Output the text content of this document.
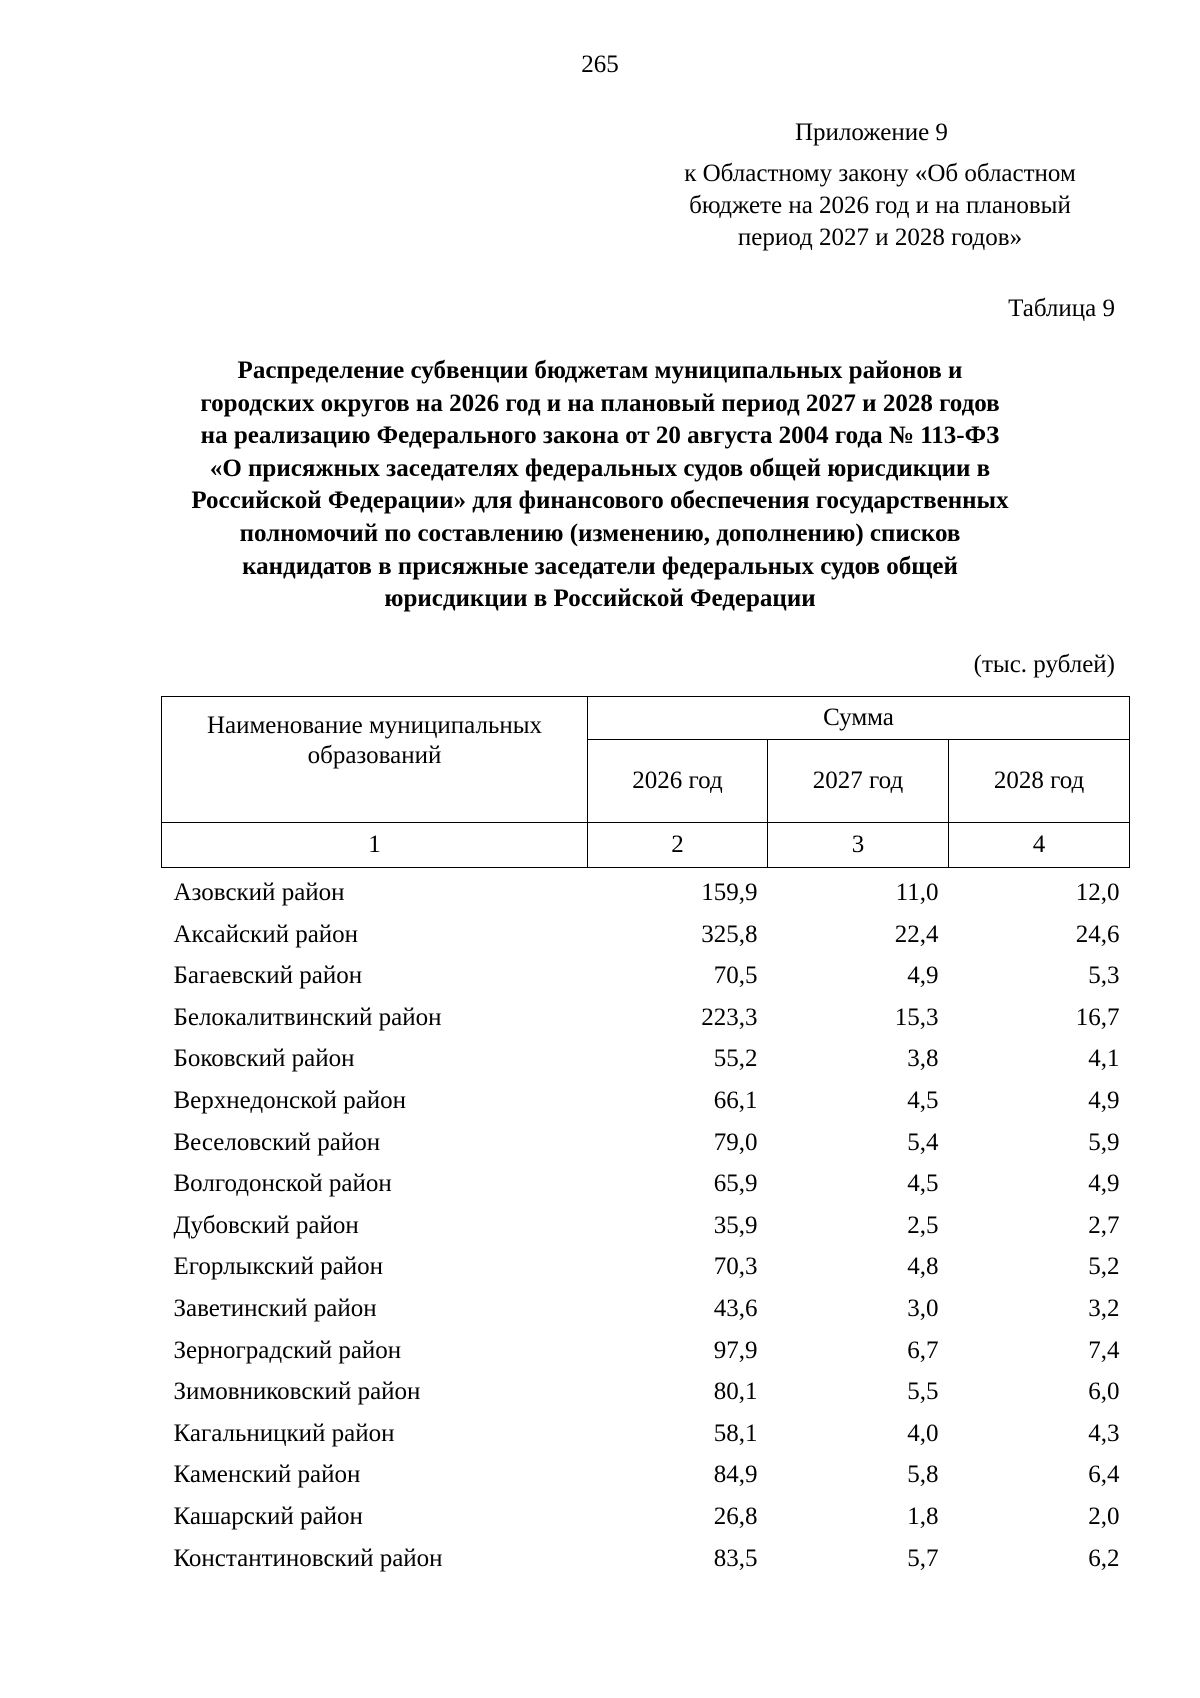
265
Приложение 9
к Областному закону «Об областном
бюджете на 2026 год и на плановый
период 2027 и 2028 годов»
Таблица 9
Распределение субвенции бюджетам муниципальных районов и
городских округов на 2026 год и на плановый период 2027 и 2028 годов
на реализацию Федерального закона от 20 августа 2004 года № 113-ФЗ
«О присяжных заседателях федеральных судов общей юрисдикции в
Российской Федерации» для финансового обеспечения государственных
полномочий по составлению (изменению, дополнению) списков
кандидатов в присяжные заседатели федеральных судов общей
юрисдикции в Российской Федерации
(тыс. рублей)
Наименование муниципальных
образований	Сумма		
	2026 год	2027 год	2028 год
1	2	3	4
Азовский район	159,9	11,0	12,0
Аксайский район	325,8	22,4	24,6
Багаевский район	70,5	4,9	5,3
Белокалитвинский район	223,3	15,3	16,7
Боковский район	55,2	3,8	4,1
Верхнедонской район	66,1	4,5	4,9
Веселовский район	79,0	5,4	5,9
Волгодонской район	65,9	4,5	4,9
Дубовский район	35,9	2,5	2,7
Егорлыкский район	70,3	4,8	5,2
Заветинский район	43,6	3,0	3,2
Зерноградский район	97,9	6,7	7,4
Зимовниковский район	80,1	5,5	6,0
Кагальницкий район	58,1	4,0	4,3
Каменский район	84,9	5,8	6,4
Кашарский район	26,8	1,8	2,0
Константиновский район	83,5	5,7	6,2
